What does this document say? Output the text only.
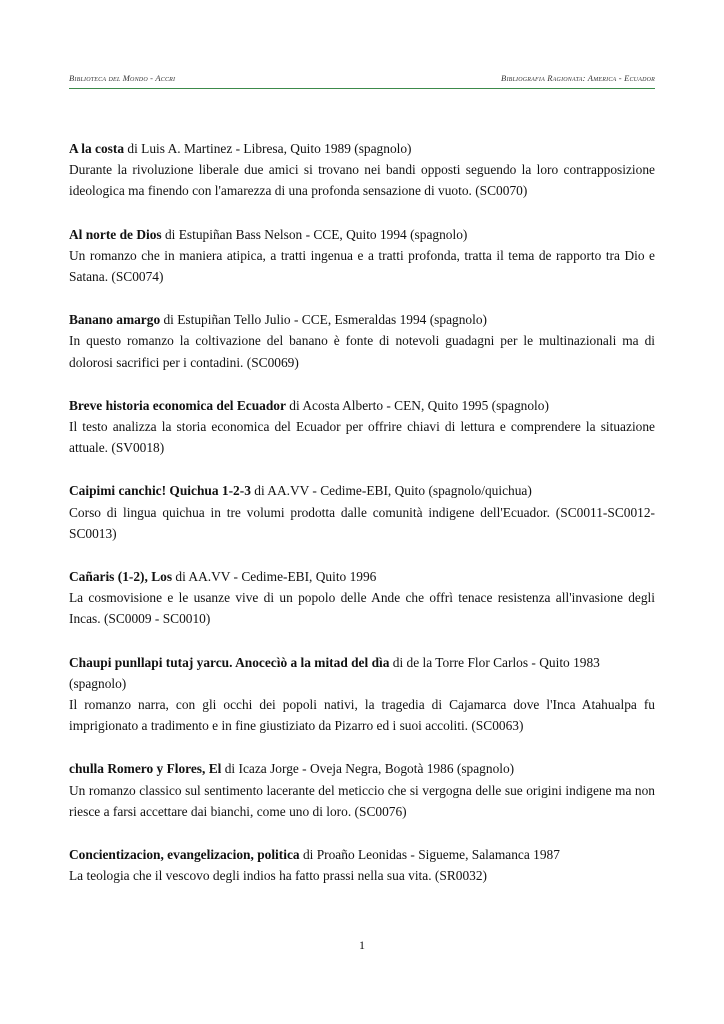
Biblioteca del Mondo - Accri	Bibliografia Ragionata: America - Ecuador

A la costa di Luis A. Martinez - Libresa, Quito 1989 (spagnolo)

Durante la rivoluzione liberale due amici si trovano nei bandi opposti seguendo la loro contrapposizione ideologica ma finendo con l'amarezza di una profonda sensazione di vuoto. (SC0070)

Al norte de Dios di Estupiñan Bass Nelson - CCE, Quito 1994 (spagnolo)

Un romanzo che in maniera atipica, a tratti ingenua e a tratti profonda, tratta il tema de rapporto tra Dio e Satana. (SC0074)

Banano amargo di Estupiñan Tello Julio - CCE, Esmeraldas 1994 (spagnolo)

In questo romanzo la coltivazione del banano è fonte di notevoli guadagni per le multinazionali ma di dolorosi sacrifici per i contadini. (SC0069)

Breve historia economica del Ecuador di Acosta Alberto - CEN, Quito 1995 (spagnolo)

Il testo analizza la storia economica del Ecuador per offrire chiavi di lettura e comprendere la situazione attuale. (SV0018)

Caipimi canchic! Quichua 1-2-3 di AA.VV - Cedime-EBI, Quito (spagnolo/quichua)

Corso di lingua quichua in tre volumi prodotta dalle comunità indigene dell'Ecuador. (SC0011-SC0012-SC0013)

Cañaris (1-2), Los di AA.VV - Cedime-EBI, Quito 1996

La cosmovisione e le usanze vive di un popolo delle Ande che offrì tenace resistenza all'invasione degli Incas. (SC0009 - SC0010)

Chaupi punllapi tutaj yarcu. Anocecìò a la mitad del dìa di de la Torre Flor Carlos - Quito 1983 (spagnolo)

Il romanzo narra, con gli occhi dei popoli nativi, la tragedia di Cajamarca dove l'Inca Atahualpa fu imprigionato a tradimento e in fine giustiziato da Pizarro ed i suoi accoliti. (SC0063)

chulla Romero y Flores, El di Icaza Jorge - Oveja Negra, Bogotà 1986 (spagnolo)

Un romanzo classico sul sentimento lacerante del meticcio che si vergogna delle sue origini indigene ma non riesce a farsi accettare dai bianchi, come uno di loro. (SC0076)

Concientizacion, evangelizacion, politica di Proaño Leonidas - Sigueme, Salamanca 1987

La teologia che il vescovo degli indios ha fatto prassi nella sua vita. (SR0032)

1
